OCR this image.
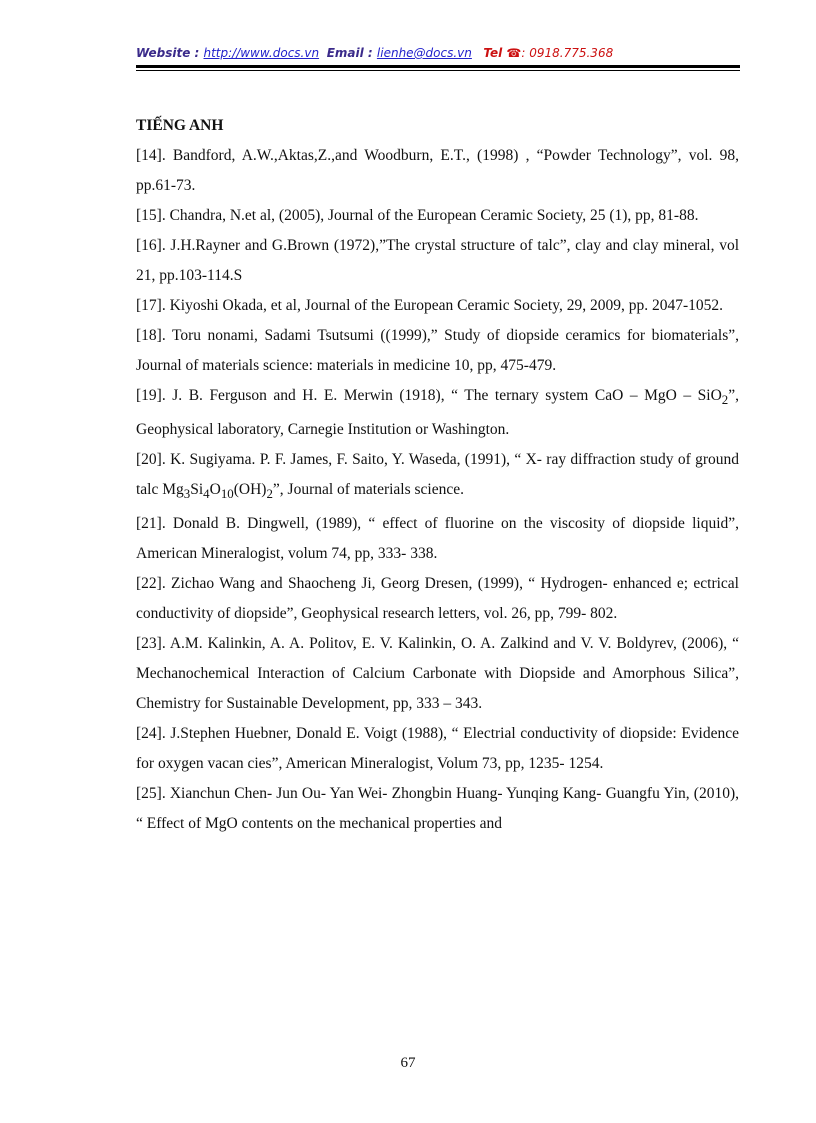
Website : http://www.docs.vn Email : lienhe@docs.vn Tel ☎: 0918.775.368

TIẾNG ANH

[14]. Bandford, A.W.,Aktas,Z.,and Woodburn, E.T., (1998) , “Powder Technology”, vol. 98, pp.61-73.

[15]. Chandra, N.et al, (2005), Journal of the European Ceramic Society, 25 (1), pp, 81-88.

[16]. J.H.Rayner and G.Brown (1972),”The crystal structure of talc”, clay and clay mineral, vol 21, pp.103-114.S

[17]. Kiyoshi Okada, et al, Journal of the European Ceramic Society, 29, 2009, pp. 2047-1052.

[18]. Toru nonami, Sadami Tsutsumi ((1999),” Study of diopside ceramics for biomaterials”, Journal of materials science: materials in medicine 10, pp, 475-479.

[19]. J. B. Ferguson and H. E. Merwin (1918), “ The ternary system CaO – MgO – SiO$_2$”, Geophysical laboratory, Carnegie Institution or Washington.

[20]. K. Sugiyama. P. F. James, F. Saito, Y. Waseda, (1991), “ X- ray diffraction study of ground talc $Mg_3Si_4O_{10}(OH)_2$”, Journal of materials science.

[21]. Donald B. Dingwell, (1989), “ effect of fluorine on the viscosity of diopside liquid”, American Mineralogist, volum 74, pp, 333- 338.

[22]. Zichao Wang and Shaocheng Ji, Georg Dresen, (1999), “ Hydrogen- enhanced e; ectrical conductivity of diopside”, Geophysical research letters, vol. 26, pp, 799- 802.

[23]. A.M. Kalinkin, A. A. Politov, E. V. Kalinkin, O. A. Zalkind and V. V. Boldyrev, (2006), “ Mechanochemical Interaction of Calcium Carbonate with Diopside and Amorphous Silica”, Chemistry for Sustainable Development, pp, 333 – 343.

[24]. J.Stephen Huebner, Donald E. Voigt (1988), “ Electrial conductivity of diopside: Evidence for oxygen vacan cies”, American Mineralogist, Volum 73, pp, 1235- 1254.

[25]. Xianchun Chen- Jun Ou- Yan Wei- Zhongbin Huang- Yunqing Kang- Guangfu Yin, (2010), “ Effect of MgO contents on the mechanical properties and

67
